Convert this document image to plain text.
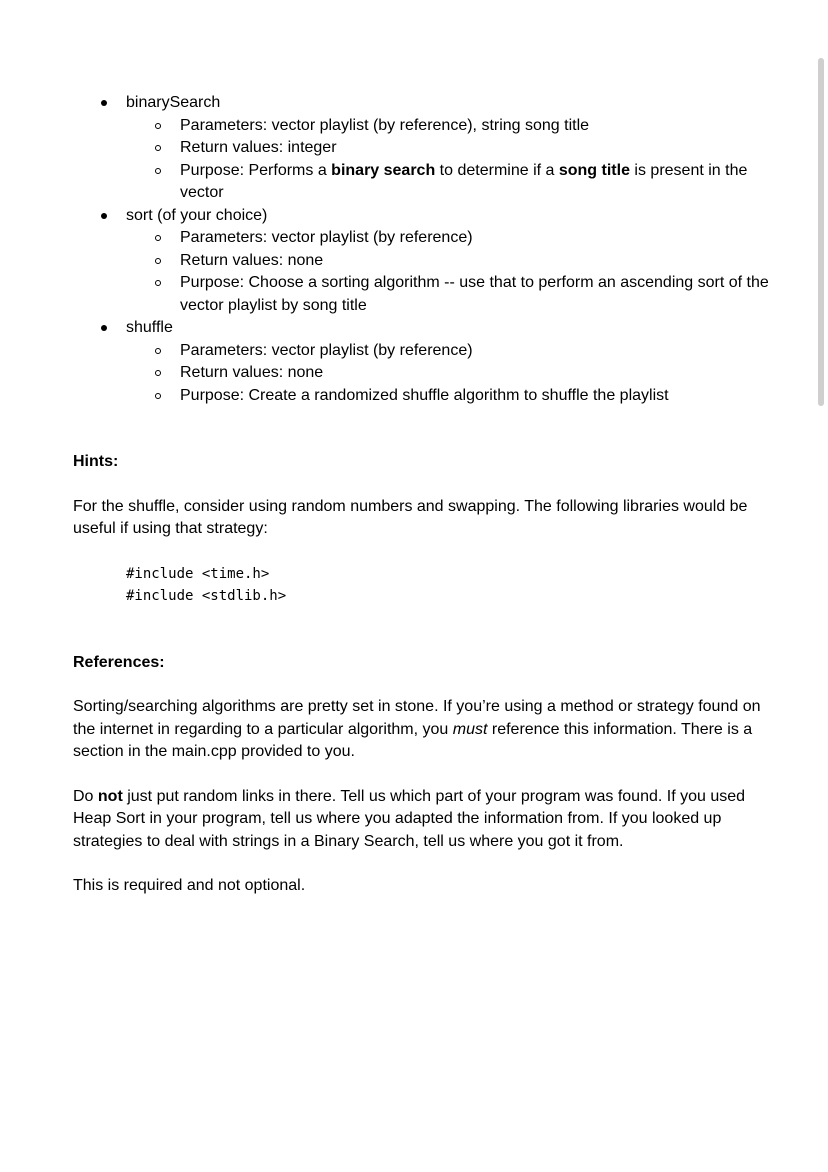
binarySearch
Parameters: vector playlist (by reference), string song title
Return values: integer
Purpose: Performs a binary search to determine if a song title is present in the vector
sort (of your choice)
Parameters: vector playlist (by reference)
Return values: none
Purpose: Choose a sorting algorithm -- use that to perform an ascending sort of the vector playlist by song title
shuffle
Parameters: vector playlist (by reference)
Return values: none
Purpose: Create a randomized shuffle algorithm to shuffle the playlist

Hints:

For the shuffle, consider using random numbers and swapping. The following libraries would be useful if using that strategy:

#include <time.h>
#include <stdlib.h>

References:

Sorting/searching algorithms are pretty set in stone. If you’re using a method or strategy found on the internet in regarding to a particular algorithm, you must reference this information. There is a section in the main.cpp provided to you.

Do not just put random links in there. Tell us which part of your program was found. If you used Heap Sort in your program, tell us where you adapted the information from. If you looked up strategies to deal with strings in a Binary Search, tell us where you got it from.

This is required and not optional.
